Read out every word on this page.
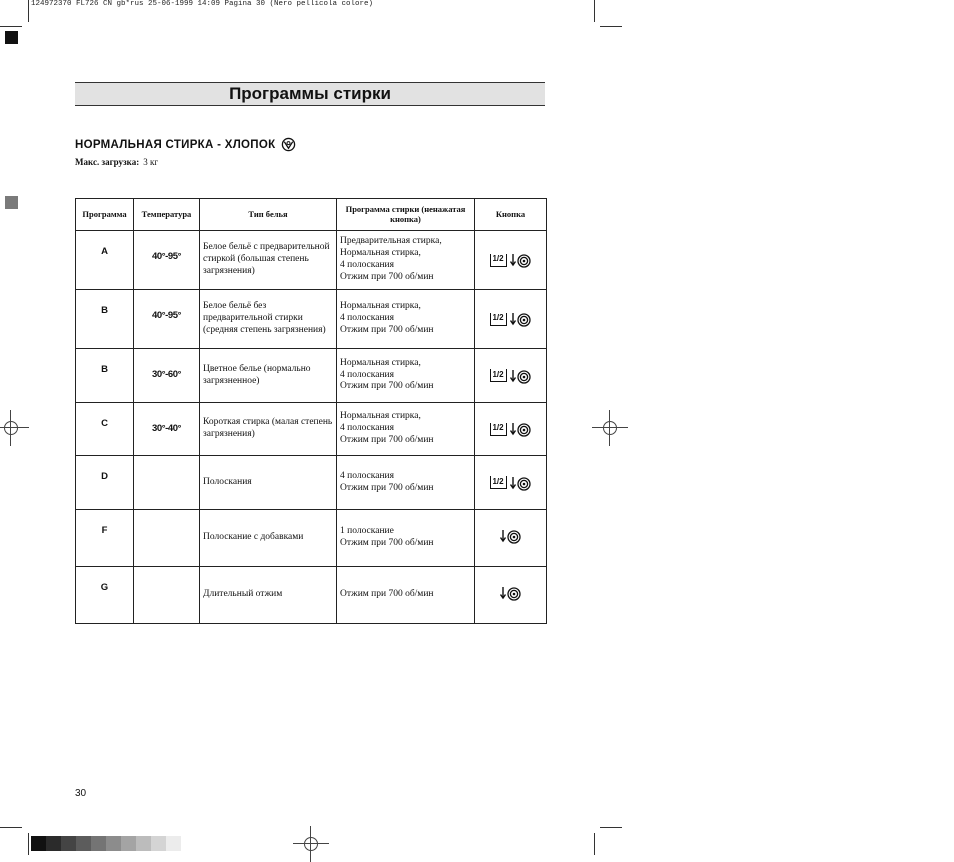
124972370 FL726 CN gb*rus 25-06-1999 14:09 Pagina 30 (Nero pellicola colore)
Программы стирки
НОРМАЛЬНАЯ СТИРКА - ХЛОПОК
Макс. загрузка: 3 кг
Программа	Температура	Тип белья	Программа стирки (ненажатая кнопка)	Кнопка
A	40°-95°	Белое бельё с предварительной стиркой (большая степень загрязнения)	Предварительная стирка,
Нормальная стирка,
4 полоскания
Отжим при 700 об/мин	1/2

B	40°-95°	Белое бельё без предварительной стирки (средняя степень загрязнения)	Нормальная стирка,
4 полоскания
Отжим при 700 об/мин	1/2

B	30°-60°	Цветное белье (нормально загрязненное)	Нормальная стирка,
4 полоскания
Отжим при 700 об/мин	1/2

C	30°-40°	Короткая стирка (малая степень загрязнения)	Нормальная стирка,
4 полоскания
Отжим при 700 об/мин	1/2

D		Полоскания	4 полоскания
Отжим при 700 об/мин	1/2

F		Полоскание с добавками	1 полоскание
Отжим при 700 об/мин

G		Длительный отжим	Отжим при 700 об/мин

30
